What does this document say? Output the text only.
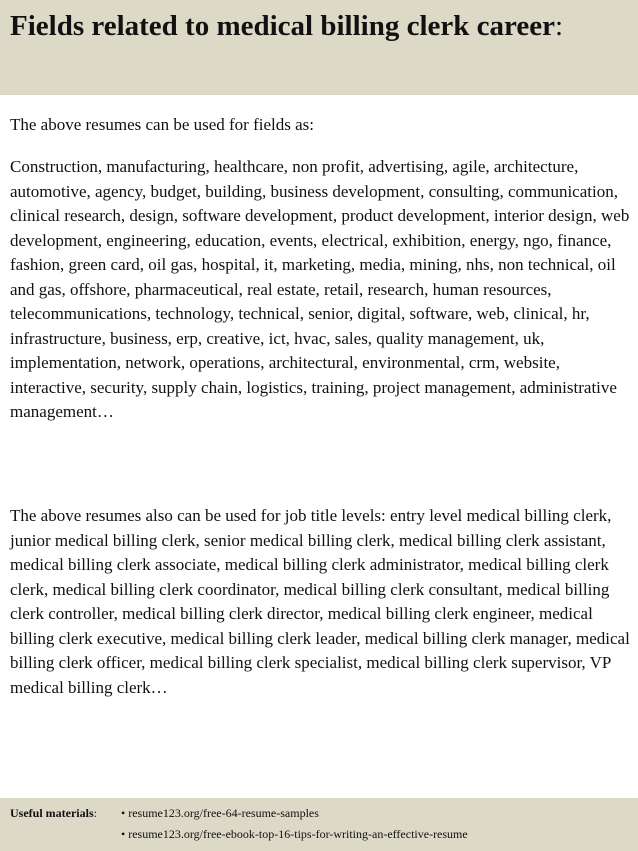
Fields related to medical billing clerk career:

The above resumes can be used for fields as:

Construction, manufacturing, healthcare, non profit, advertising, agile, architecture, automotive, agency, budget, building, business development, consulting, communication, clinical research, design, software development, product development, interior design, web development, engineering, education, events, electrical, exhibition, energy, ngo, finance, fashion, green card, oil gas, hospital, it, marketing, media, mining, nhs, non technical, oil and gas, offshore, pharmaceutical, real estate, retail, research, human resources, telecommunications, technology, technical, senior, digital, software, web, clinical, hr, infrastructure, business, erp, creative, ict, hvac, sales, quality management, uk, implementation, network, operations, architectural, environmental, crm, website, interactive, security, supply chain, logistics, training, project management, administrative management…

The above resumes also can be used for job title levels: entry level medical billing clerk, junior medical billing clerk, senior medical billing clerk, medical billing clerk assistant, medical billing clerk associate, medical billing clerk administrator, medical billing clerk clerk, medical billing clerk coordinator, medical billing clerk consultant, medical billing clerk controller, medical billing clerk director, medical billing clerk engineer, medical billing clerk executive, medical billing clerk leader, medical billing clerk manager, medical billing clerk officer, medical billing clerk specialist, medical billing clerk supervisor, VP medical billing clerk…

Useful materials:	• resume123.org/free-64-resume-samples
• resume123.org/free-ebook-top-16-tips-for-writing-an-effective-resume
